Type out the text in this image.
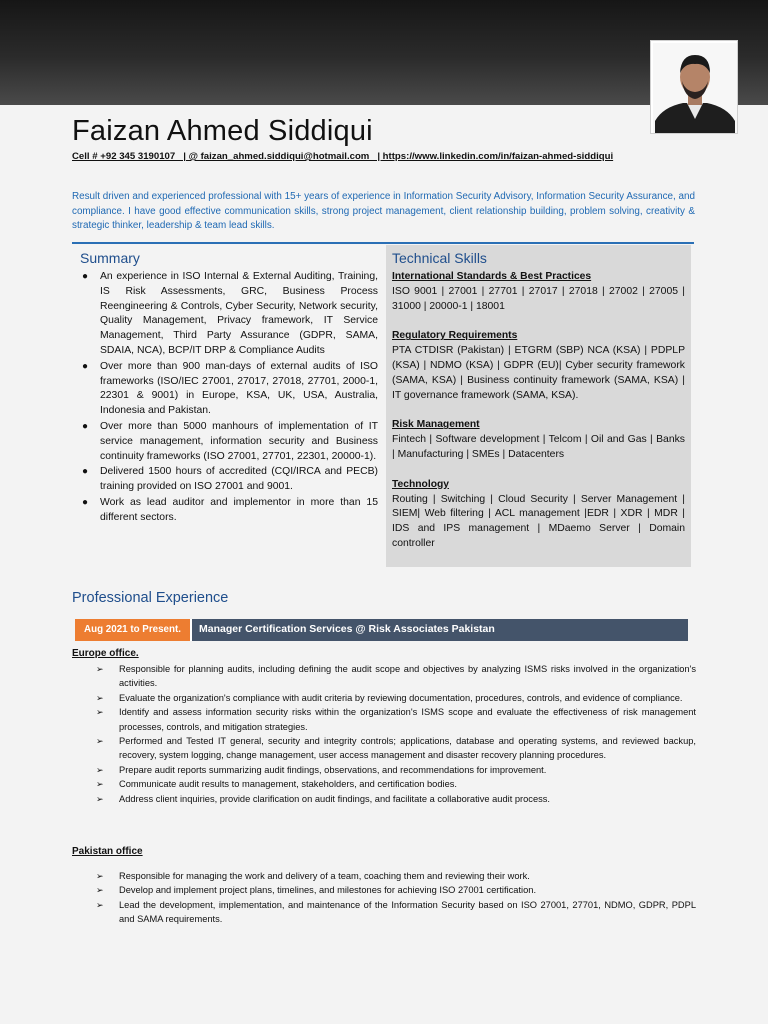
Faizan Ahmed Siddiqui
Cell # +92 345 3190107   | @ faizan_ahmed.siddiqui@hotmail.com   | https://www.linkedin.com/in/faizan-ahmed-siddiqui
Result driven and experienced professional with 15+ years of experience in Information Security Advisory, Information Security Assurance, and compliance. I have good effective communication skills, strong project management, client relationship building, problem solving, creativity & strategic thinker, leadership & team lead skills.
Summary
● An experience in ISO Internal & External Auditing, Training, IS Risk Assessments, GRC, Business Process Reengineering & Controls, Cyber Security, Network security, Quality Management, Privacy framework, IT Service Management, Third Party Assurance (GDPR, SAMA, SDAIA, NCA), BCP/IT DRP & Compliance Audits
● Over more than 900 man-days of external audits of ISO frameworks (ISO/IEC 27001, 27017, 27018, 27701, 2000-1, 22301 & 9001) in Europe, KSA, UK, USA, Australia, Indonesia and Pakistan.
● Over more than 5000 manhours of implementation of IT service management, information security and Business continuity frameworks (ISO 27001, 27701, 22301, 20000-1).
● Delivered 1500 hours of accredited (CQI/IRCA and PECB) training provided on ISO 27001 and 9001.
● Work as lead auditor and implementor in more than 15 different sectors.
Technical Skills
International Standards & Best Practices
ISO 9001 | 27001 | 27701 | 27017 | 27018 | 27002 | 27005 | 31000 | 20000-1 | 18001
Regulatory Requirements
PTA CTDISR (Pakistan) | ETGRM (SBP) NCA (KSA) | PDPLP (KSA) | NDMO (KSA) | GDPR (EU)| Cyber security framework (SAMA, KSA) | Business continuity framework (SAMA, KSA) | IT governance framework (SAMA, KSA).
Risk Management
Fintech | Software development | Telcom | Oil and Gas | Banks | Manufacturing | SMEs | Datacenters
Technology
Routing | Switching | Cloud Security | Server Management | SIEM| Web filtering | ACL management |EDR | XDR | MDR | IDS and IPS management | MDaemo Server | Domain controller
Professional Experience
Aug 2021 to Present.	Manager Certification Services @ Risk Associates Pakistan
Europe office.
➢ Responsible for planning audits, including defining the audit scope and objectives by analyzing ISMS risks involved in the organization's activities.
➢ Evaluate the organization's compliance with audit criteria by reviewing documentation, procedures, controls, and evidence of compliance.
➢ Identify and assess information security risks within the organization's ISMS scope and evaluate the effectiveness of risk management processes, controls, and mitigation strategies.
➢ Performed and Tested IT general, security and integrity controls; applications, database and operating systems, and reviewed backup, recovery, system logging, change management, user access management and disaster recovery planning procedures.
➢ Prepare audit reports summarizing audit findings, observations, and recommendations for improvement.
➢ Communicate audit results to management, stakeholders, and certification bodies.
➢ Address client inquiries, provide clarification on audit findings, and facilitate a collaborative audit process.
Pakistan office
➢ Responsible for managing the work and delivery of a team, coaching them and reviewing their work.
➢ Develop and implement project plans, timelines, and milestones for achieving ISO 27001 certification.
➢ Lead the development, implementation, and maintenance of the Information Security based on ISO 27001, 27701, NDMO, GDPR, PDPL and SAMA requirements.
